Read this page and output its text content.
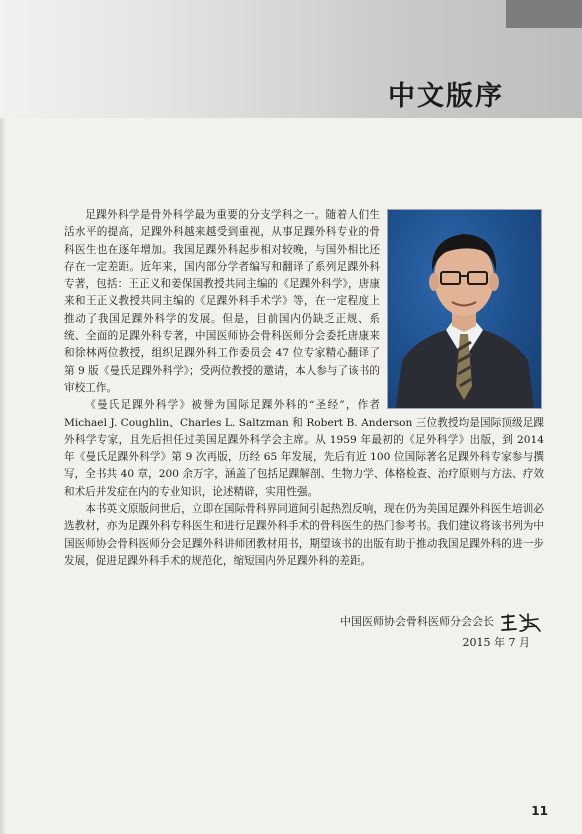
中文版序

足踝外科学是骨外科学最为重要的分支学科之一。随着人们生活水平的提高，足踝外科越来越受到重视，从事足踝外科专业的骨科医生也在逐年增加。我国足踝外科起步相对较晚，与国外相比还存在一定差距。近年来，国内部分学者编写和翻译了系列足踝外科专著，包括：王正义和姜保国教授共同主编的《足踝外科学》，唐康来和王正义教授共同主编的《足踝外科手术学》等，在一定程度上推动了我国足踝外科学的发展。但是，目前国内仍缺乏正规、系统、全面的足踝外科专著，中国医师协会骨科医师分会委托唐康来和徐林两位教授，组织足踝外科工作委员会 47 位专家精心翻译了第 9 版《曼氏足踝外科学》；受两位教授的邀请，本人参与了该书的审校工作。

《曼氏足踝外科学》被誉为国际足踝外科的“圣经”，作者 Michael J. Coughlin、Charles L. Saltzman 和 Robert B. Anderson 三位教授均是国际顶级足踝外科学专家，且先后担任过美国足踝外科学会主席。从 1959 年最初的《足外科学》出版，到 2014 年《曼氏足踝外科学》第 9 次再版，历经 65 年发展，先后有近 100 位国际著名足踝外科专家参与撰写，全书共 40 章，200 余万字，涵盖了包括足踝解剖、生物力学、体格检查、治疗原则与方法、疗效和术后并发症在内的专业知识，论述精辟，实用性强。

本书英文原版问世后，立即在国际骨科界同道间引起热烈反响，现在仍为美国足踝外科医生培训必选教材，亦为足踝外科专科医生和进行足踝外科手术的骨科医生的热门参考书。我们建议将该书列为中国医师协会骨科医师分会足踝外科讲师团教材用书，期望该书的出版有助于推动我国足踝外科的进一步发展，促进足踝外科手术的规范化，缩短国内外足踝外科的差距。

中国医师协会骨科医师分会会长
2015 年 7 月
11
